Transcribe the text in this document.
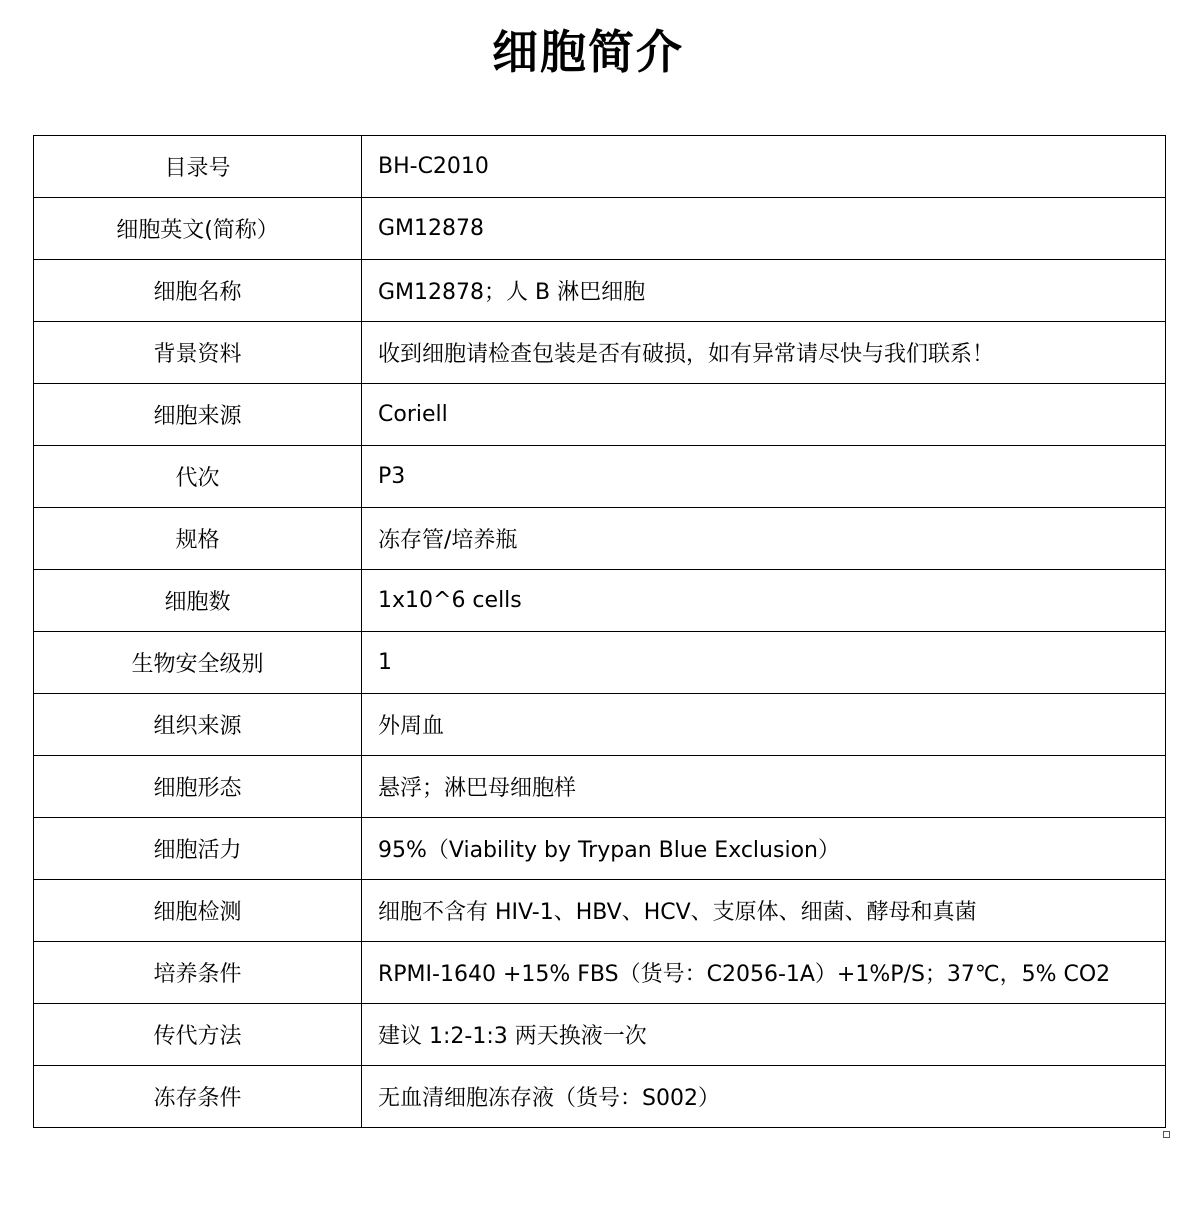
细胞简介
目录号	BH-C2010
细胞英文(简称）	GM12878
细胞名称	GM12878；人 B 淋巴细胞
背景资料	收到细胞请检查包装是否有破损，如有异常请尽快与我们联系！
细胞来源	Coriell
代次	P3
规格	冻存管/培养瓶
细胞数	1x10^6 cells
生物安全级别	1
组织来源	外周血
细胞形态	悬浮；淋巴母细胞样
细胞活力	95%（Viability by Trypan Blue Exclusion）
细胞检测	细胞不含有 HIV-1、HBV、HCV、支原体、细菌、酵母和真菌
培养条件	RPMI-1640 +15% FBS（货号：C2056-1A）+1%P/S；37℃，5% CO2
传代方法	建议 1:2-1:3 两天换液一次
冻存条件	无血清细胞冻存液（货号：S002）
